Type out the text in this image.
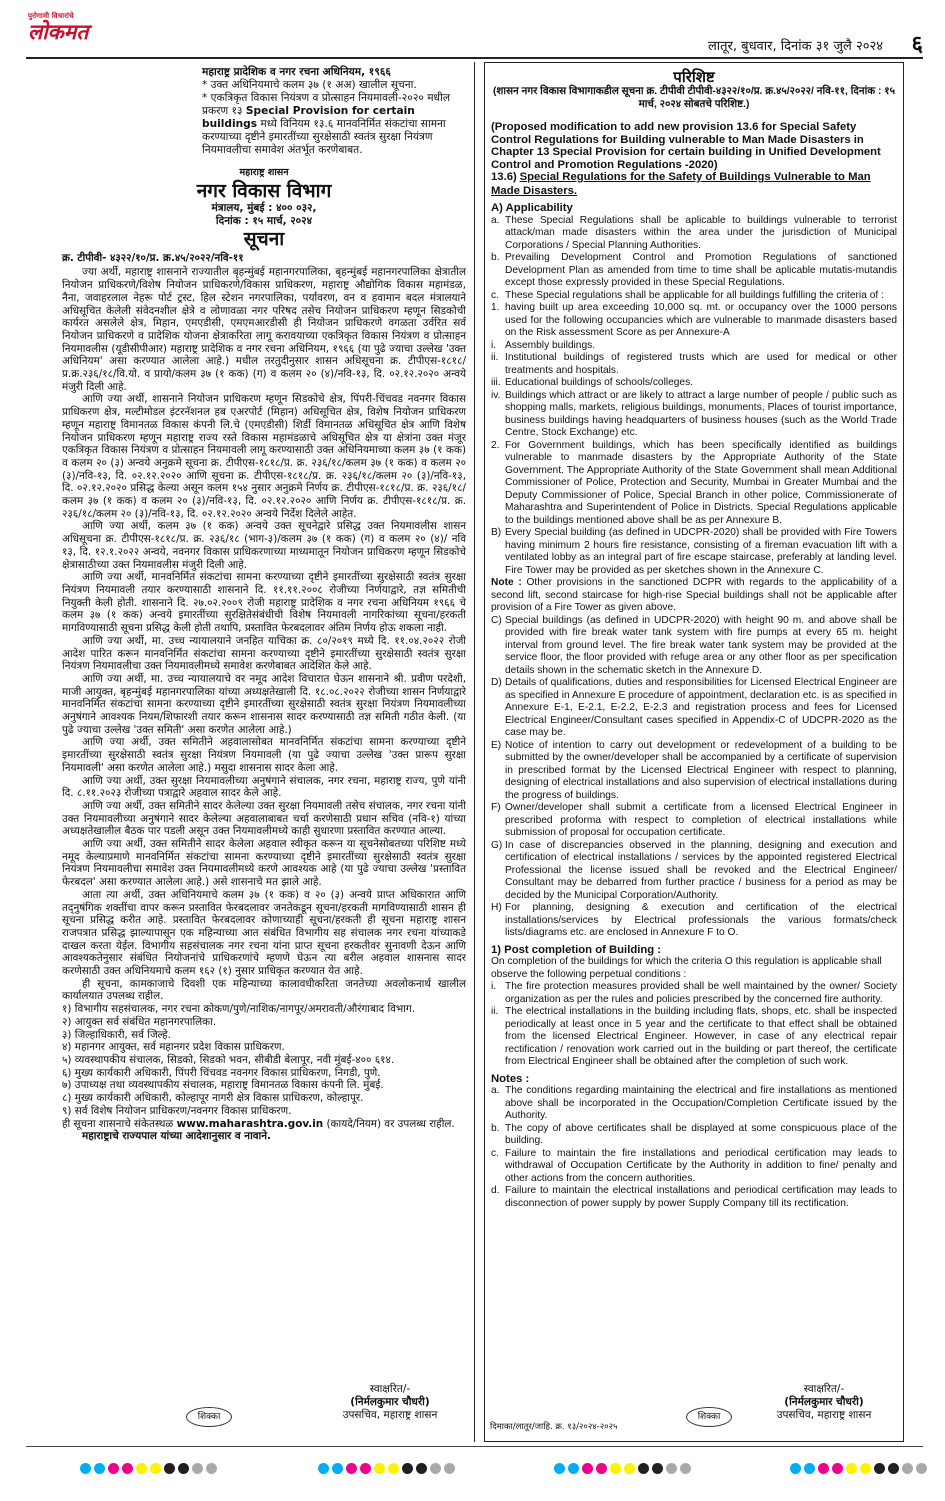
पुरोगामी विचारांचे
लोकमत
लातूर, बुधवार, दिनांक ३१ जुलै २०२४ ६
महाराष्ट्र प्रादेशिक व नगर रचना अधिनियम, १९६६
* उक्त अधिनियमाचे कलम ३७ (१ अअ) खालील सूचना.
* एकत्रिकृत विकास नियंत्रण व प्रोत्साहन नियमावली-२०२० मधील प्रकरण १३ Special Provision for certain buildings मध्ये विनियम १३.६ मानवनिर्मित संकटांचा सामना करण्याच्या दृष्टीने इमारतींच्या सुरक्षेसाठी स्वतंत्र सुरक्षा नियंत्रण नियमावलीचा समावेश अंतर्भूत करणेबाबत.
महाराष्ट्र शासन
नगर विकास विभाग
मंत्रालय, मुंबई : ४०० ०३२,
दिनांक : १५ मार्च, २०२४
सूचना
क्र. टीपीवी- ४३२२/१०/प्र. क्र.४५/२०२२/नवि-११

ज्या अर्थी, महाराष्ट्र शासनाने राज्यातील बृहन्मुंबई महानगरपालिका, बृहन्मुंबई महानगरपालिका क्षेत्रातील नियोजन प्राधिकरणे/विशेष नियोजन प्राधिकरणे/विकास प्राधिकरण, महाराष्ट्र औद्योगिक विकास महामंडळ, नैना, जवाहरलाल नेहरू पोर्ट ट्रस्ट, हिल स्टेशन नगरपालिका, पर्यावरण, वन व हवामान बदल मंत्रालयाने अधिसूचित केलेली संवेदनशील क्षेत्रे व लोणावळा नगर परिषद तसेच नियोजन प्राधिकरण म्हणून सिडकोची कार्यरत असलेले क्षेत्र, मिहान, एमएडीसी, एमएमआरडीसी ही नियोजन प्राधिकरणे वगळता उर्वरित सर्व नियोजन प्राधिकरणे व प्रादेशिक योजना क्षेत्राकरिता लागू करावयाच्या एकत्रिकृत विकास नियंत्रण व प्रोत्साहन नियमावलीस (यूडीसीपीआर) महाराष्ट्र प्रादेशिक व नगर रचना अधिनियम, १९६६ (या पुढे ज्याचा उल्लेख 'उक्त अधिनियम' असा करण्यात आलेला आहे.) मधील तरतुदीनुसार शासन अधिसूचना क्र. टीपीएस-१८१८/प्र.क्र.२३६/१८/वि.यो. व प्रायो/कलम ३७ (१ कक) (ग) व कलम २० (४)/नवि-१३, दि. ०२.१२.२०२० अन्वये मंजुरी दिली आहे.

आणि ज्या अर्थी, शासनाने नियोजन प्राधिकरण म्हणून सिडकोचे क्षेत्र, पिंपरी-चिंचवड नवनगर विकास प्राधिकरण क्षेत्र, मल्टीमोडल इंटरनॅशनल हब एअरपोर्ट (मिहान) अधिसूचित क्षेत्र, विशेष नियोजन प्राधिकरण म्हणून महाराष्ट्र विमानतळ विकास कंपनी लि.चे (एमएडीसी) शिर्डी विमानतळ अधिसूचित क्षेत्र आणि विशेष नियोजन प्राधिकरण म्हणून महाराष्ट्र राज्य रस्ते विकास महामंडळाचे अधिसूचित क्षेत्र या क्षेत्रांना उक्त मंजूर एकत्रिकृत विकास नियंत्रण व प्रोत्साहन नियमावली लागू करण्यासाठी उक्त अधिनियमाच्या कलम ३७ (१ कक) व कलम २० (३) अन्वये अनुक्रमे सूचना क्र. टीपीएस-१८१८/प्र. क्र. २३६/१८/कलम ३७ (१ कक) व कलम २० (३)/नवि-१३, दि. ०२.१२.२०२० आणि सूचना क्र. टीपीएस-१८१८/प्र. क्र. २३६/१८/कलम २० (३)/नवि-१३, दि. ०२.१२.२०२० प्रसिद्ध केल्या असून कलम १५४ नुसार अनुक्रमे निर्णय क्र. टीपीएस-१८१८/प्र. क्र. २३६/१८/कलम ३७ (१ कक) व कलम २० (३)/नवि-१३, दि. ०२.१२.२०२० आणि निर्णय क्र. टीपीएस-१८१८/प्र. क्र. २३६/१८/कलम २० (३)/नवि-१३, दि. ०२.१२.२०२० अन्वये निर्देश दिलेले आहेत.

आणि ज्या अर्थी, कलम ३७ (१ कक) अन्वये उक्त सूचनेद्वारे प्रसिद्ध उक्त नियमावलीस शासन अधिसूचना क्र. टीपीएस-१८१८/प्र. क्र. २३६/१८ (भाग-३)/कलम ३७ (१ कक) (ग) व कलम २० (४)/ नवि १३, दि. १२.१.२०२२ अन्वये, नवनगर विकास प्राधिकरणाच्या माध्यमातून नियोजन प्राधिकरण म्हणून सिडकोचे क्षेत्रासाठीच्या उक्त नियमावलीस मंजुरी दिली आहे.

आणि ज्या अर्थी, मानवनिर्मित संकटांचा सामना करण्याच्या दृष्टीने इमारतींच्या सुरक्षेसाठी स्वतंत्र सुरक्षा नियंत्रण नियमावली तयार करण्यासाठी शासनाने दि. ११.११.२००८ रोजीच्या निर्णयाद्वारे, तज्ञ समितीची नियुक्ती केली होती. शासनाने दि. २७.०२.२००९ रोजी महाराष्ट्र प्रादेशिक व नगर रचना अधिनियम १९६६ चे कलम ३७ (१ कक) अन्वये इमारतींच्या सुरक्षितेसंबंधीची विशेष नियमावली नागरिकांच्या सूचना/हरकती मागविण्यासाठी सूचना प्रसिद्ध केली होती तथापि, प्रस्तावित फेरबदलावर अंतिम निर्णय होऊ शकला नाही.

आणि ज्या अर्थी, मा. उच्च न्यायालयाने जनहित याचिका क्र. ८०/२०१९ मध्ये दि. ११.०४.२०२२ रोजी आदेश पारित करून मानवनिर्मित संकटांचा सामना करण्याच्या दृष्टीने इमारतींच्या सुरक्षेसाठी स्वतंत्र सुरक्षा नियंत्रण नियमावलीचा उक्त नियमावलीमध्ये समावेश करणेबाबत आदेशित केले आहे.

आणि ज्या अर्थी, मा. उच्च न्यायालयाचे वर नमूद आदेश विचारात घेऊन शासनाने श्री. प्रवीण परदेशी, माजी आयुक्त, बृहन्मुंबई महानगरपालिका यांच्या अध्यक्षतेखाली दि. १८.०८.२०२२ रोजीच्या शासन निर्णयाद्वारे मानवनिर्मित संकटांचा सामना करण्याच्या दृष्टीने इमारतींच्या सुरक्षेसाठी स्वतंत्र सुरक्षा नियंत्रण नियमावलीच्या अनुषंगाने आवश्यक नियम/शिफारशी तयार करून शासनास सादर करण्यासाठी तज्ञ समिती गठीत केली. (या पुढे ज्याचा उल्लेख 'उक्त समिती' असा करणेत आलेला आहे.)

आणि ज्या अर्थी, उक्त समितीने अहवालासोबत मानवनिर्मित संकटांचा सामना करण्याच्या दृष्टीने इमारतींच्या सुरक्षेसाठी स्वतंत्र सुरक्षा नियंत्रण नियमावली (या पुढे ज्याचा उल्लेख 'उक्त प्रारूप सुरक्षा नियमावली' असा करणेत आलेला आहे.) मसुदा शासनास सादर केला आहे.

आणि ज्या अर्थी, उक्त सुरक्षा नियमावलीच्या अनुषंगाने संचालक, नगर रचना, महाराष्ट्र राज्य, पुणे यांनी दि. ८.११.२०२३ रोजीच्या पत्राद्वारे अहवाल सादर केले आहे.

आणि ज्या अर्थी, उक्त समितीने सादर केलेल्या उक्त सुरक्षा नियमावली तसेच संचालक, नगर रचना यांनी उक्त नियमावलीच्या अनुषंगाने सादर केलेल्या अहवालाबाबत चर्चा करणेसाठी प्रधान सचिव (नवि-१) यांच्या अध्यक्षतेखालील बैठक पार पडली असून उक्त नियमावलीमध्ये काही सुधारणा प्रस्तावित करण्यात आल्या.

आणि ज्या अर्थी, उक्त समितीने सादर केलेला अहवाल स्वीकृत करून या सूचनेसोबतच्या परिशिष्ट मध्ये नमूद केल्याप्रमाणे मानवनिर्मित संकटांचा सामना करण्याच्या दृष्टीने इमारतींच्या सुरक्षेसाठी स्वतंत्र सुरक्षा नियंत्रण नियमावलीचा समावेश उक्त नियमावलीमध्ये करणे आवश्यक आहे (या पुढे ज्याचा उल्लेख 'प्रस्तावित फेरबदल' असा करण्यात आलेला आहे.) असे शासनाचे मत झाले आहे.

आता त्या अर्थी, उक्त अधिनियमाचे कलम ३७ (१ कक) व २० (३) अन्वये प्राप्त अधिकारात आणि तद्नुषंगिक शक्तींचा वापर करून प्रस्तावित फेरबदलावर जनतेकडून सूचना/हरकती मागविण्यासाठी शासन ही सूचना प्रसिद्ध करीत आहे. प्रस्तावित फेरबदलावर कोणाच्याही सूचना/हरकती ही सूचना महाराष्ट्र शासन राजपत्रात प्रसिद्ध झाल्यापासून एक महिन्याच्या आत संबंधित विभागीय सह संचालक नगर रचना यांच्याकडे दाखल करता येईल. विभागीय सहसंचालक नगर रचना यांना प्राप्त सूचना हरकतीवर सुनावणी देऊन आणि आवश्यकतेनुसार संबंधित नियोजनांचे प्राधिकरणांचे म्हणणे घेऊन त्या बरील अहवाल शासनास सादर करणेसाठी उक्त अधिनियमाचे कलम १६२ (१) नुसार प्राधिकृत करण्यात येत आहे.

ही सूचना, कामकाजाचे दिवशी एक महिन्याच्या कालावधीकरिता जनतेच्या अवलोकनार्थ खालील कार्यालयात उपलब्ध राहील.

१) विभागीय सहसंचालक, नगर रचना कोकण/पुणे/नाशिक/नागपूर/अमरावती/औरंगाबाद विभाग.
२) आयुक्त सर्व संबंधित महानगरपालिका.
३) जिल्हाधिकारी, सर्व जिल्हे.
४) महानगर आयुक्त, सर्व महानगर प्रदेश विकास प्राधिकरण.
५) व्यवस्थापकीय संचालक, सिडको, सिडको भवन, सीबीडी बेलापूर, नवी मुंबई-४०० ६१४.
६) मुख्य कार्यकारी अधिकारी, पिंपरी चिंचवड नवनगर विकास प्राधिकरण, निगडी, पुणे.
७) उपाध्यक्ष तथा व्यवस्थापकीय संचालक, महाराष्ट्र विमानतळ विकास कंपनी लि. मुंबई.
८) मुख्य कार्यकारी अधिकारी, कोल्हापूर नागरी क्षेत्र विकास प्राधिकरण, कोल्हापूर.
९) सर्व विशेष नियोजन प्राधिकरण/नवनगर विकास प्राधिकरण.
ही सूचना शासनाचे संकेतस्थळ www.maharashtra.gov.in (कायदे/नियम) वर उपलब्ध राहील.
महाराष्ट्राचे राज्यपाल यांच्या आदेशानुसार व नावाने.
स्वाक्षरित/-
(निर्मलकुमार चौधरी)
उपसचिव, महाराष्ट्र शासन
शिक्का
परिशिष्ट
(शासन नगर विकास विभागाकडील सूचना क्र. टीपीवी टीपीवी-४३२२/१०/प्र. क्र.४५/२०२२/ नवि-११, दिनांक : १५ मार्च, २०२४ सोबतचे परिशिष्ट.)
(Proposed modification to add new provision 13.6 for Special Safety Control Regulations for Building vulnerable to Man Made Disasters in Chapter 13 Special Provision for certain building in Unified Development Control and Promotion Regulations -2020)
13.6) Special Regulations for the Safety of Buildings Vulnerable to Man Made Disasters.
A) Applicability
a. These Special Regulations shall be aplicable to buildings vulnerable to terrorist attack/man made disasters within the area under the jurisdiction of Municipal Corporations / Special Planning Authorities.
b. Prevailing Development Control and Promotion Regulations of sanctioned Development Plan as amended from time to time shall be aplicable mutatis-mutandis except those expressly provided in these Special Regulations.
c. These Special regulations shall be applicable for all buildings fulfilling the criteria of :
1. having built up area exceeding 10,000 sq. mt. or occupancy over the 1000 persons used for the following occupancies which are vulnerable to manmade disasters based on the Risk assessment Score as per Annexure-A
i. Assembly buildings.
ii. Institutional buildings of registered trusts which are used for medical or other treatments and hospitals.
iii. Educational buildings of schools/colleges.
iv. Buildings which attract or are likely to attract a large number of people / public such as shopping malls, markets, religious buildings, monuments, Places of tourist importance, business buildings having headquarters of business houses (such as the World Trade Centre, Stock Exchange) etc.
2. For Government buildings, which has been specifically identified as buildings vulnerable to manmade disasters by the Appropriate Authority of the State Government. The Appropriate Authority of the State Government shall mean Additional Commissioner of Police, Protection and Security, Mumbai in Greater Mumbai and the Deputy Commissioner of Police, Special Branch in other police, Commissionerate of Maharashtra and Superintendent of Police in Districts. Special Regulations applicable to the buildings mentioned above shall be as per Annexure B.
B) Every Special building (as defined in UDCPR-2020) shall be provided with Fire Towers having minimum 2 hours fire resistance, consisting of a fireman evacuation lift with a ventilated lobby as an integral part of fire escape staircase, preferably at landing level. Fire Tower may be provided as per sketches shown in the Annexure C.
Note : Other provisions in the sanctioned DCPR with regards to the applicability of a second lift, second staircase for high-rise Special buildings shall not be applicable after provision of a Fire Tower as given above.
C) Special buildings (as defined in UDCPR-2020) with height 90 m. and above shall be provided with fire break water tank system with fire pumps at every 65 m. height interval from ground level. The fire break water tank system may be provided at the service floor, the floor provided with refuge area or any other floor as per specification details shown in the schematic sketch in the Annexure D.
D) Details of qualifications, duties and responsibilities for Licensed Electrical Engineer are as specified in Annexure E procedure of appointment, declaration etc. is as specified in Annexure E-1, E-2.1, E-2.2, E-2.3 and registration process and fees for Licensed Electrical Engineer/Consultant cases specified in Appendix-C of UDCPR-2020 as the case may be.
E) Notice of intention to carry out development or redevelopment of a building to be submitted by the owner/developer shall be accompanied by a certificate of supervision in prescribed format by the Licensed Electrical Engineer with respect to planning, designing of electrical installations and also supervision of electrical installations during the progress of buildings.
F) Owner/developer shall submit a certificate from a licensed Electrical Engineer in prescribed proforma with respect to completion of electrical installations while submission of proposal for occupation certificate.
G) In case of discrepancies observed in the planning, designing and execution and certification of electrical installations / services by the appointed registered Electrical Professional the license issued shall be revoked and the Electrical Engineer/ Consultant may be debarred from further practice / business for a period as may be decided by the Municipal Corporation/Authority.
H) For planning, designing & execution and certification of the electrical installations/services by Electrical professionals the various formats/check lists/diagrams etc. are enclosed in Annexure F to O.
1) Post completion of Building :
On completion of the buildings for which the criteria O this regulation is applicable shall observe the following perpetual conditions :
i. The fire protection measures provided shall be well maintained by the owner/ Society organization as per the rules and policies prescribed by the concerned fire authority.
ii. The electrical installations in the building including flats, shops, etc. shall be inspected periodically at least once in 5 year and the certificate to that effect shall be obtained from the licensed Electrical Engineer. However, in case of any electrical repair rectification / renovation work carried out in the building or part thereof, the certificate from Electrical Engineer shall be obtained after the completion of such work.
Notes :
a. The conditions regarding maintaining the electrical and fire installations as mentioned above shall be incorporated in the Occupation/Completion Certificate issued by the Authority.
b. The copy of above certificates shall be displayed at some conspicuous place of the building.
c. Failure to maintain the fire installations and periodical certification may leads to withdrawal of Occupation Certificate by the Authority in addition to fine/ penalty and other actions from the concern authorities.
d. Failure to maintain the electrical installations and periodical certification may leads to disconnection of power supply by power Supply Company till its rectification.
स्वाक्षरित/-
(निर्मलकुमार चौधरी)
उपसचिव, महाराष्ट्र शासन
शिक्का
दिमाका/लातूर/जाहि. क्र. १३/२०२४-२०२५
